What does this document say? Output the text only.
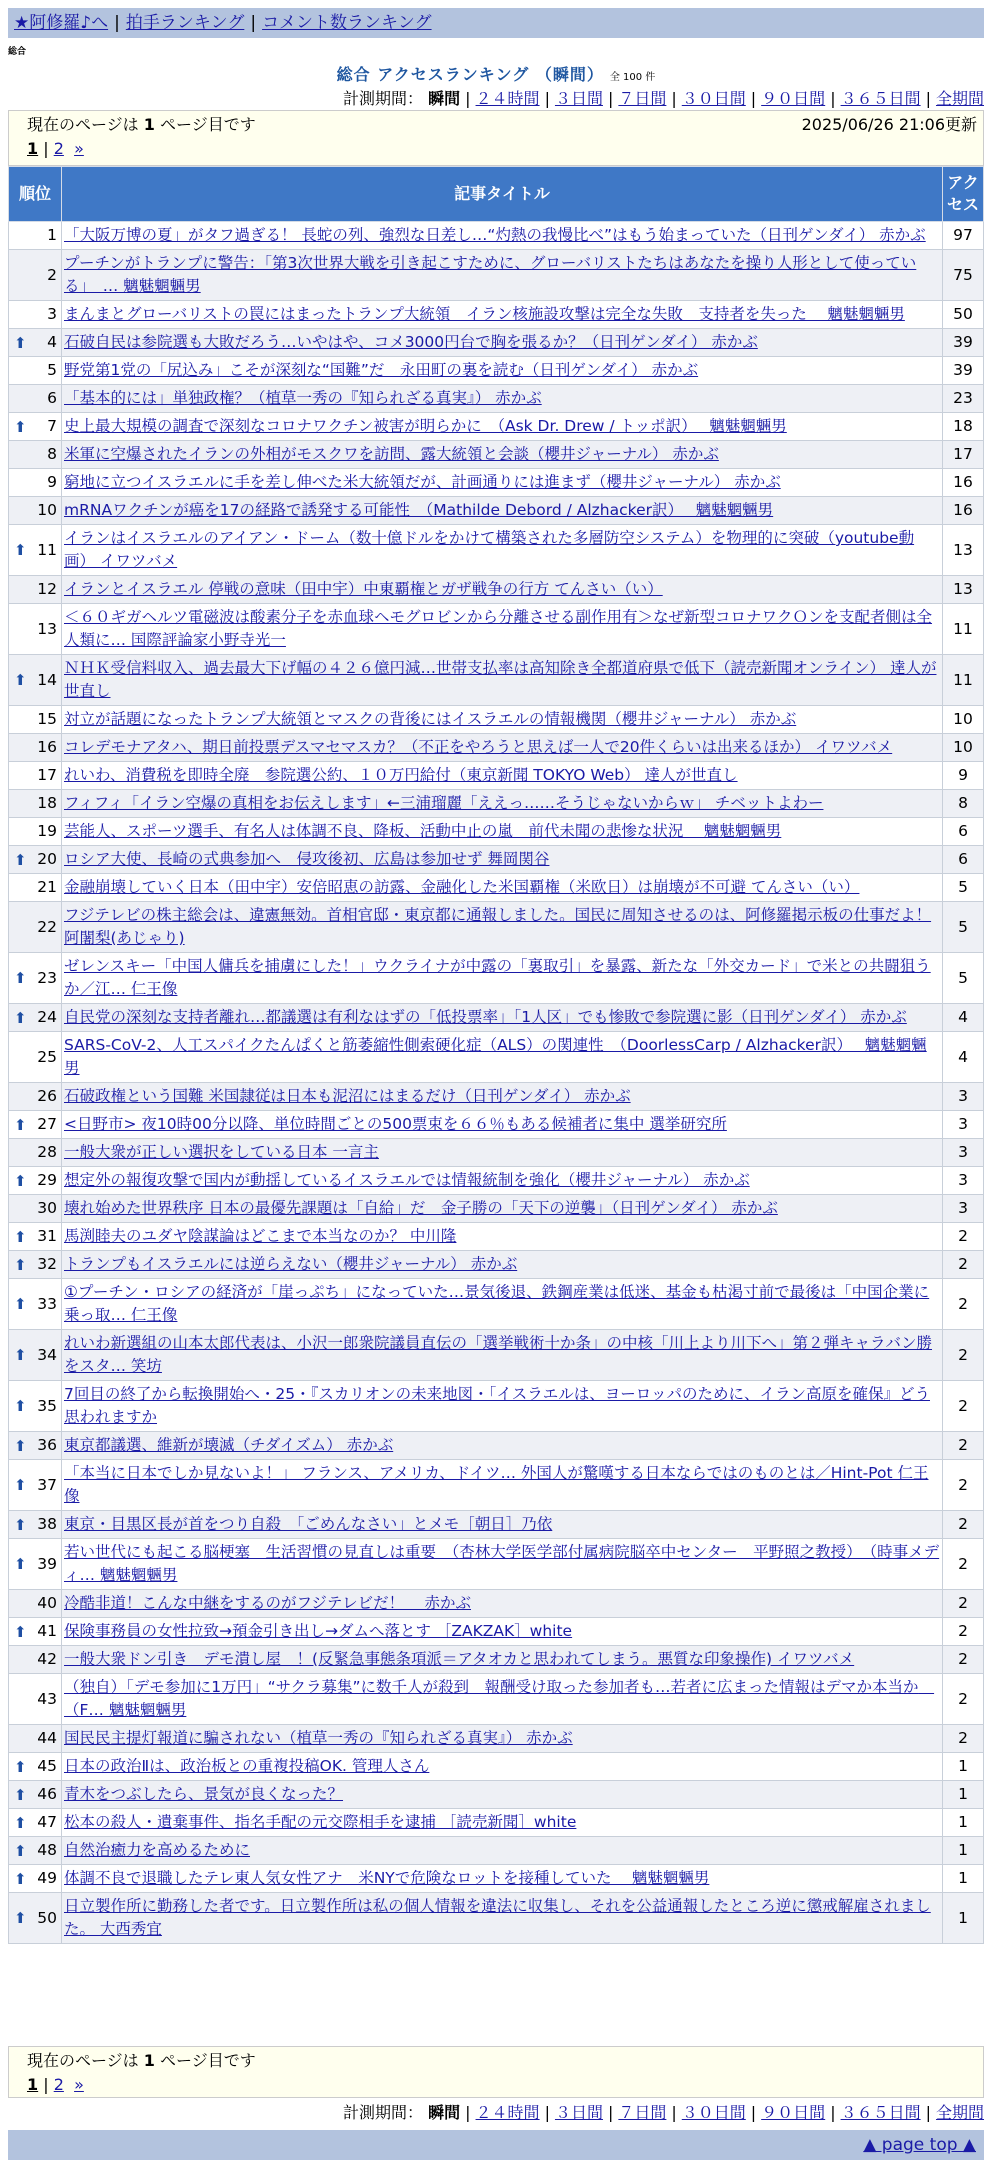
★阿修羅♪へ | 拍手ランキング | コメント数ランキング
総合
総合 アクセスランキング （瞬間） 全 100 件
計測期間： 瞬間 | ２４時間 | ３日間 | ７日間 | ３０日間 | ９０日間 | ３６５日間 | 全期間
現在のページは 1 ページ目です	2025/06/26 21:06更新
1 | 2 »
順位	記事タイトル	アクセス
1	「大阪万博の夏」がタフ過ぎる！ 長蛇の列、強烈な日差し…“灼熱の我慢比べ”はもう始まっていた（日刊ゲンダイ） 赤かぶ	97
2	プーチンがトランプに警告：「第3次世界大戦を引き起こすために、グローバリストたちはあなたを操り人形として使っている」　… 魑魅魍魎男	75
3	まんまとグローバリストの罠にはまったトランプ大統領　イラン核施設攻撃は完全な失敗　支持者を失った　 魑魅魍魎男	50

⬆ 4	石破自民は参院選も大敗だろう…いやはや、コメ3000円台で胸を張るか？（日刊ゲンダイ） 赤かぶ	39
5	野党第1党の「尻込み」こそが深刻な“国難”だ　永田町の裏を読む（日刊ゲンダイ） 赤かぶ	39
6	「基本的には」単独政権？（植草一秀の『知られざる真実』） 赤かぶ	23

⬆ 7	史上最大規模の調査で深刻なコロナワクチン被害が明らかに　（Ask Dr. Drew / トッポ訳）　 魑魅魍魎男	18
8	米軍に空爆されたイランの外相がモスクワを訪問、露大統領と会談（櫻井ジャーナル） 赤かぶ	17
9	窮地に立つイスラエルに手を差し伸べた米大統領だが、計画通りには進まず（櫻井ジャーナル） 赤かぶ	16
10	mRNAワクチンが癌を17の経路で誘発する可能性　（Mathilde Debord / Alzhacker訳）　 魑魅魍魎男	16

⬆ 11	イランはイスラエルのアイアン・ドーム（数十億ドルをかけて構築された多層防空システム）を物理的に突破（youtube動画） イワツバメ	13
12	イランとイスラエル 停戦の意味（田中宇）中東覇権とガザ戦争の行方 てんさい（い）	13
13	＜６０ギガヘルツ電磁波は酸素分子を赤血球ヘモグロビンから分離させる副作用有＞なぜ新型コロナワクＯンを支配者側は全人類に… 国際評論家小野寺光一	11

⬆ 14	ＮＨＫ受信料収入、過去最大下げ幅の４２６億円減…世帯支払率は高知除き全都道府県で低下（読売新聞オンライン） 達人が世直し	11
15	対立が話題になったトランプ大統領とマスクの背後にはイスラエルの情報機関（櫻井ジャーナル） 赤かぶ	10
16	コレデモナアタハ、期日前投票デスマセマスカ？（不正をやろうと思えば一人で20件くらいは出来るほか） イワツバメ	10
17	れいわ、消費税を即時全廃　参院選公約、１０万円給付（東京新聞 TOKYO Web） 達人が世直し	9
18	フィフィ「イラン空爆の真相をお伝えします」←三浦瑠麗「ええっ……そうじゃないからｗ」 チベットよわー	8
19	芸能人、スポーツ選手、有名人は体調不良、降板、活動中止の嵐　前代未聞の悲惨な状況　 魑魅魍魎男	6

⬆ 20	ロシア大使、長崎の式典参加へ　侵攻後初、広島は参加せず 舞岡関谷	6
21	金融崩壊していく日本（田中宇）安倍昭恵の訪露、金融化した米国覇権（米欧日）は崩壊が不可避 てんさい（い）	5
22	フジテレビの株主総会は、違憲無効。首相官邸・東京都に通報しました。国民に周知させるのは、阿修羅掲示板の仕事だよ！ 阿闍梨(あじゃり)	5

⬆ 23	ゼレンスキー「中国人傭兵を捕虜にした！」ウクライナが中露の「裏取引」を暴露、新たな「外交カード」で米との共闘狙うか／江… 仁王像	5

⬆ 24	自民党の深刻な支持者離れ…都議選は有利なはずの「低投票率」「1人区」でも惨敗で参院選に影（日刊ゲンダイ） 赤かぶ	4
25	SARS-CoV-2、人工スパイクたんぱくと筋萎縮性側索硬化症（ALS）の関連性　（DoorlessCarp / Alzhacker訳）　 魑魅魍魎男	4
26	石破政権という国難 米国隷従は日本も泥沼にはまるだけ（日刊ゲンダイ） 赤かぶ	3

⬆ 27	<日野市> 夜10時00分以降、単位時間ごとの500票束を６６％もある候補者に集中 選挙研究所	3
28	一般大衆が正しい選択をしている日本 一言主	3

⬆ 29	想定外の報復攻撃で国内が動揺しているイスラエルでは情報統制を強化（櫻井ジャーナル） 赤かぶ	3
30	壊れ始めた世界秩序 日本の最優先課題は「自給」だ　金子勝の「天下の逆襲」（日刊ゲンダイ） 赤かぶ	3

⬆ 31	馬渕睦夫のユダヤ陰謀論はどこまで本当なのか？ 中川隆	2

⬆ 32	トランプもイスラエルには逆らえない（櫻井ジャーナル） 赤かぶ	2

⬆ 33	①プーチン・ロシアの経済が「崖っぷち」になっていた…景気後退、鉄鋼産業は低迷、基金も枯渇寸前で最後は「中国企業に乗っ取… 仁王像	2

⬆ 34	れいわ新選組の山本太郎代表は、小沢一郎衆院議員直伝の「選挙戦術十か条」の中核「川上より川下へ」第２弾キャラバン勝をスタ… 笑坊	2

⬆ 35	7回目の終了から転換開始へ・25・『スカリオンの未来地図・「イスラエルは、ヨーロッパのために、イラン高原を確保』どう思われますか	2

⬆ 36	東京都議選、維新が壊滅（チダイズム） 赤かぶ	2

⬆ 37	「本当に日本でしか見ないよ！」 フランス、アメリカ、ドイツ… 外国人が驚嘆する日本ならではのものとは／Hint-Pot 仁王像	2

⬆ 38	東京・目黒区長が首をつり自殺　「ごめんなさい」とメモ［朝日］乃依	2

⬆ 39	若い世代にも起こる脳梗塞　生活習慣の見直しは重要　（杏林大学医学部付属病院脳卒中センター　平野照之教授）　（時事メディ… 魑魅魍魎男	2
40	冷酷非道！こんな中継をするのがフジテレビだ！　 赤かぶ	2

⬆ 41	保険事務員の女性拉致→預金引き出し→ダムへ落とす ［ZAKZAK］white	2
42	一般大衆ドン引き　デモ潰し屋　！(反緊急事態条項派＝アタオカと思われてしまう。悪質な印象操作) イワツバメ	2
43	（独自）「デモ参加に1万円」“サクラ募集”に数千人が殺到　報酬受け取った参加者も…若者に広まった情報はデマか本当か　（F… 魑魅魍魎男	2
44	国民民主提灯報道に騙されない（植草一秀の『知られざる真実』） 赤かぶ	2

⬆ 45	日本の政治Ⅱは、政治板との重複投稿OK. 管理人さん	1

⬆ 46	青木をつぶしたら、景気が良くなった？	1

⬆ 47	松本の殺人・遺棄事件、指名手配の元交際相手を逮捕 ［読売新聞］white	1

⬆ 48	自然治癒力を高めるために	1

⬆ 49	体調不良で退職したテレ東人気女性アナ　米NYで危険なロットを接種していた　 魑魅魍魎男	1

⬆ 50	日立製作所に勤務した者です。日立製作所は私の個人情報を違法に収集し、それを公益通報したところ逆に懲戒解雇されました。 大西秀宜	1
計測期間： 瞬間 | ２４時間 | ３日間 | ７日間 | ３０日間 | ９０日間 | ３６５日間 | 全期間
現在のページは 1 ページ目です
1 | 2 »
▲ page top ▲
